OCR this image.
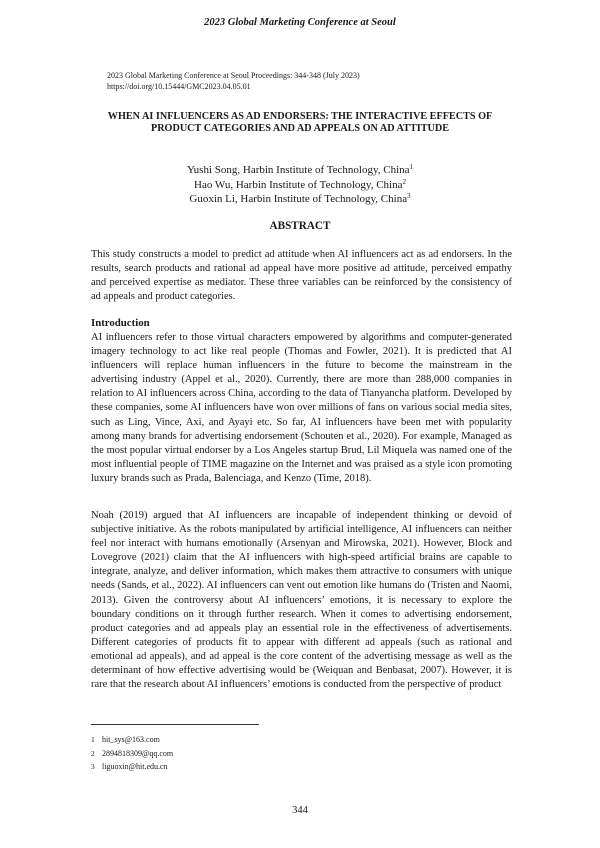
2023 Global Marketing Conference at Seoul
2023 Global Marketing Conference at Seoul Proceedings: 344-348 (July 2023)
https://doi.org/10.15444/GMC2023.04.05.01
WHEN AI INFLUENCERS AS AD ENDORSERS: THE INTERACTIVE EFFECTS OF PRODUCT CATEGORIES AND AD APPEALS ON AD ATTITUDE
Yushi Song, Harbin Institute of Technology, China$^1$
Hao Wu, Harbin Institute of Technology, China$^2$
Guoxin Li, Harbin Institute of Technology, China$^3$
ABSTRACT

This study constructs a model to predict ad attitude when AI influencers act as ad endorsers. In the results, search products and rational ad appeal have more positive ad attitude, perceived empathy and perceived expertise as mediator. These three variables can be reinforced by the consistency of ad appeals and product categories.

Introduction

AI influencers refer to those virtual characters empowered by algorithms and computer-generated imagery technology to act like real people (Thomas and Fowler, 2021). It is predicted that AI influencers will replace human influencers in the future to become the mainstream in the advertising industry (Appel et al., 2020). Currently, there are more than 288,000 companies in relation to AI influencers across China, according to the data of Tianyancha platform. Developed by these companies, some AI influencers have won over millions of fans on various social media sites, such as Ling, Vince, Axi, and Ayayi etc. So far, AI influencers have been met with popularity among many brands for advertising endorsement (Schouten et al., 2020). For example, Managed as the most popular virtual endorser by a Los Angeles startup Brud, Lil Miquela was named one of the most influential people of TIME magazine on the Internet and was praised as a style icon promoting luxury brands such as Prada, Balenciaga, and Kenzo (Time, 2018).

Noah (2019) argued that AI influencers are incapable of independent thinking or devoid of subjective initiative. As the robots manipulated by artificial intelligence, AI influencers can neither feel nor interact with humans emotionally (Arsenyan and Mirowska, 2021). However, Block and Lovegrove (2021) claim that the AI influencers with high-speed artificial brains are capable to integrate, analyze, and deliver information, which makes them attractive to consumers with unique needs (Sands, et al., 2022). AI influencers can vent out emotion like humans do (Tristen and Naomi, 2013). Given the controversy about AI influencers’ emotions, it is necessary to explore the boundary conditions on it through further research. When it comes to advertising endorsement, product categories and ad appeals play an essential role in the effectiveness of advertisements. Different categories of products fit to appear with different ad appeals (such as rational and emotional ad appeals), and ad appeal is the core content of the advertising message as well as the determinant of how effective advertising would be (Weiquan and Benbasat, 2007). However, it is rare that the research about AI influencers’ emotions is conducted from the perspective of product

1 hit_sys@163.com
2 2894818309@qq.com
3 liguoxin@hit.edu.cn
344
